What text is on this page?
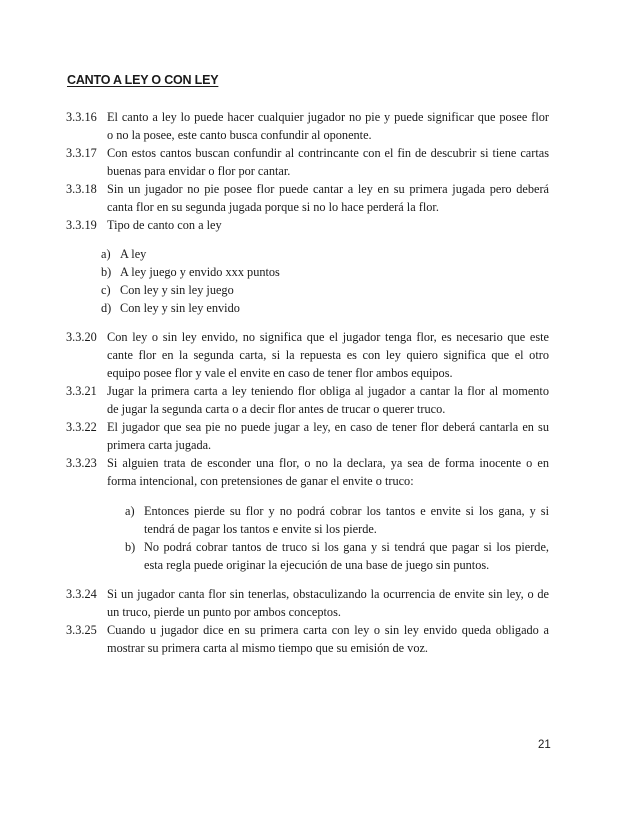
CANTO A LEY O CON LEY
3.3.16 El canto a ley lo puede hacer cualquier jugador no pie y puede significar que posee flor
o no la posee, este canto busca confundir al oponente.
3.3.17 Con estos cantos buscan confundir al contrincante con el fin de descubrir si tiene cartas
buenas para envidar o flor por cantar.
3.3.18 Sin un jugador no pie posee flor puede cantar a ley en su primera jugada pero deberá
canta flor en su segunda jugada porque si no lo hace perderá la flor.
3.3.19 Tipo de canto con a ley
a) A ley
b) A ley juego y envido xxx puntos
c) Con ley y sin ley juego
d) Con ley y sin ley envido
3.3.20 Con ley o sin ley envido, no significa que el jugador tenga flor, es necesario que este
cante flor en la segunda carta, si la repuesta es con ley quiero significa que el otro
equipo posee flor y vale el envite en caso de tener flor ambos equipos.
3.3.21 Jugar la primera carta a ley teniendo flor obliga al jugador a cantar la flor al momento
de jugar la segunda carta o a decir flor antes de trucar o querer truco.
3.3.22 El jugador que sea pie no puede jugar a ley, en caso de tener flor deberá cantarla en su
primera carta jugada.
3.3.23 Si alguien trata de esconder una flor, o no la declara, ya sea de forma inocente o en
forma intencional, con pretensiones de ganar el envite o truco:
a) Entonces pierde su flor y no podrá cobrar los tantos e envite si los gana, y si
tendrá de pagar los tantos e envite si los pierde.
b) No podrá cobrar tantos de truco si los gana y si tendrá que pagar si los pierde,
esta regla puede originar la ejecución de una base de juego sin puntos.
3.3.24 Si un jugador canta flor sin tenerlas, obstaculizando la ocurrencia de envite sin ley, o de
un truco, pierde un punto por ambos conceptos.
3.3.25 Cuando u jugador dice en su primera carta con ley o sin ley envido queda obligado a
mostrar su primera carta al mismo tiempo que su emisión de voz.
21
